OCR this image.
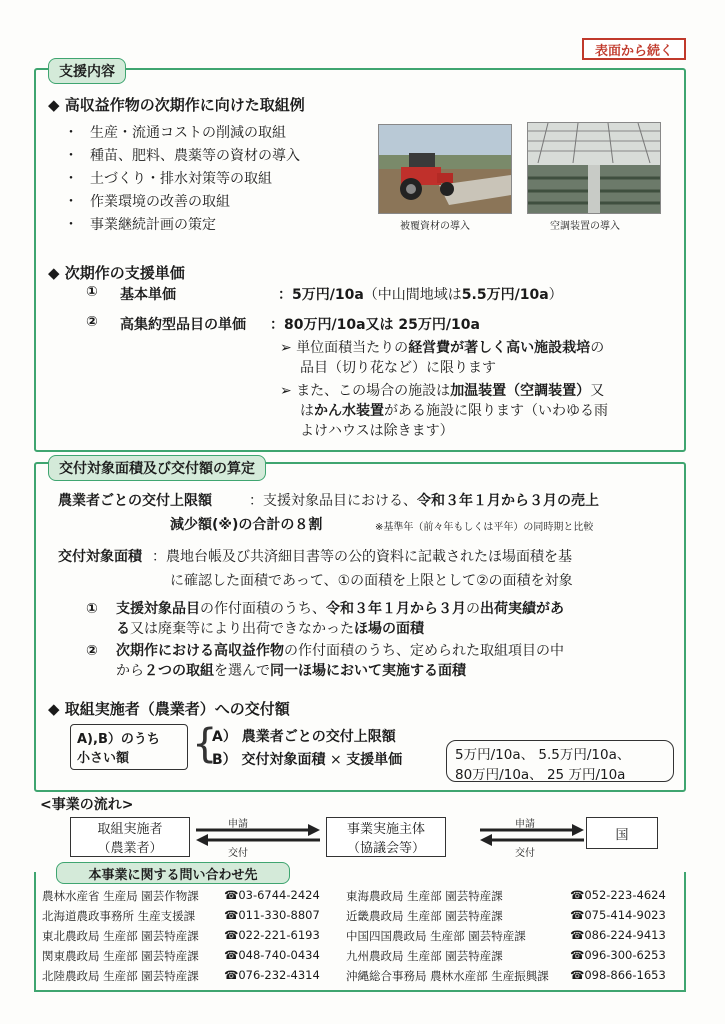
表面から続く
支援内容
◆ 高収益作物の次期作に向けた取組例
・ 生産・流通コストの削減の取組
・ 種苗、肥料、農薬等の資材の導入
・ 土づくり・排水対策等の取組
・ 作業環境の改善の取組
・ 事業継続計画の策定	被覆資材の導入	空調装置の導入
◆ 次期作の支援単価
① 基本単価	：5万円/10a（中山間地域は5.5万円/10a）
② 高集約型品目の単価 ：80万円/10a又は 25万円/10a
➢ 単位面積当たりの経営費が著しく高い施設栽培の
品目（切り花など）に限ります
➢ また、この場合の施設は加温装置（空調装置）又
はかん水装置がある施設に限ります（いわゆる雨
よけハウスは除きます）
交付対象面積及び交付額の算定
農業者ごとの交付上限額	：支援対象品目における、令和３年１月から３月の売上
減少額(※)の合計の８割	※基準年（前々年もしくは平年）の同時期と比較
交付対象面積 ：農地台帳及び共済細目書等の公的資料に記載されたほ場面積を基
に確認した面積であって、①の面積を上限として②の面積を対象
① 支援対象品目の作付面積のうち、令和３年１月から３月の出荷実績があ
る又は廃棄等により出荷できなかったほ場の面積
② 次期作における高収益作物の作付面積のうち、定められた取組項目の中
から２つの取組を選んで同一ほ場において実施する面積
◆ 取組実施者（農業者）への交付額
A),B）のうち
小さい額	{
A） 農業者ごとの交付上限額
B） 交付対象面積 × 支援単価	5万円/10a、 5.5万円/10a、
80万円/10a、 25 万円/10a
<事業の流れ>
取組実施者
（農業者）
申請
交付
事業実施主体
（協議会等）
申請
交付
国
本事業に関する問い合わせ先
農林水産省 生産局 園芸作物課 ☎03-6744-2424
北海道農政事務所 生産支援課	☎011-330-8807
東北農政局 生産部 園芸特産課 ☎022-221-6193
関東農政局 生産部 園芸特産課 ☎048-740-0434
北陸農政局 生産部 園芸特産課 ☎076-232-4314
東海農政局 生産部 園芸特産課	☎052-223-4624
近畿農政局 生産部 園芸特産課	☎075-414-9023
中国四国農政局 生産部 園芸特産課	☎086-224-9413
九州農政局 生産部 園芸特産課	☎096-300-6253
沖縄総合事務局 農林水産部 生産振興課 ☎098-866-1653
